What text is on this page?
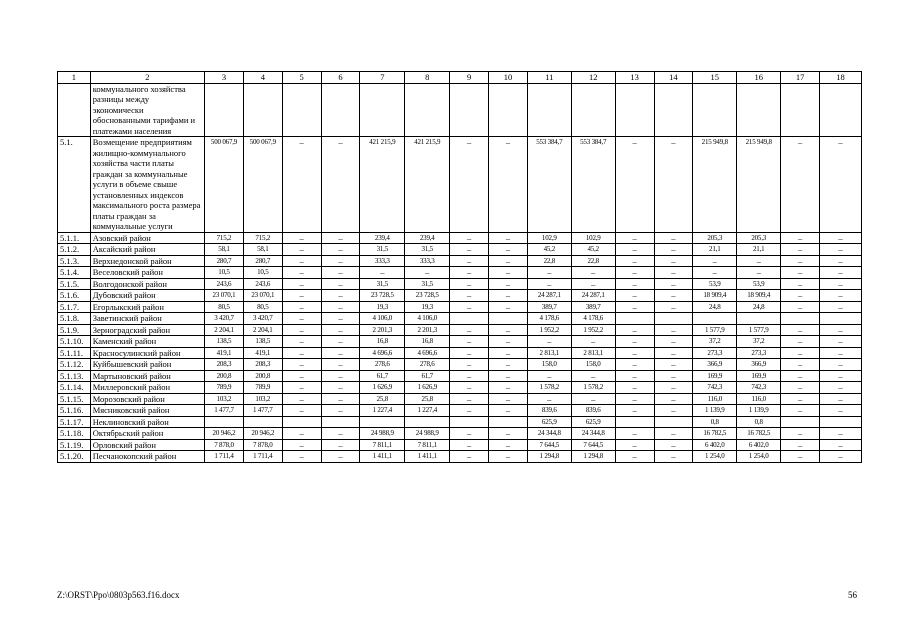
1	2	3	4	5	6	7	8	9	10	11	12	13	14	15	16	17	18
	коммунального хозяйства разницы между экономически обоснованными тарифами и платежами населения																
5.1.	Возмещение предприятиям жилищно-коммунального хозяйства части платы граждан за коммунальные услуги в объеме свыше установленных индексов максимального роста размера платы граждан за коммунальные услуги	500 067,9	500 067,9	–	–	421 215,9	421 215,9	–	–	553 384,7	553 384,7	–	–	215 949,8	215 949,8	–	–
5.1.1.	Азовский район	715,2	715,2	–	–	239,4	239,4	–	–	102,9	102,9	–	–	205,3	205,3	–	–
5.1.2.	Аксайский район	58,1	58,1	–	–	31,5	31,5	–	–	45,2	45,2	–	–	21,1	21,1	–	–
5.1.3.	Верхнедонской район	280,7	280,7	–	–	333,3	333,3	–	–	22,8	22,8	–	–	–	–	–	–
5.1.4.	Веселовский район	10,5	10,5	–	–	–	–	–	–	–	–	–	–	–	–	–	–
5.1.5.	Волгодонской район	243,6	243,6	–	–	31,5	31,5	–	–	–	–	–	–	53,9	53,9	–	–
5.1.6.	Дубовский район	23 070,1	23 070,1	–	–	23 728,5	23 728,5	–	–	24 287,1	24 287,1	–	–	18 909,4	18 909,4	–	–
5.1.7.	Егорлыкский район	80,5	80,5	–	–	19,3	19,3	–	–	389,7	389,7	–	–	24,8	24,8	–	–
5.1.8.	Заветинский район	3 420,7	3 420,7	–	–	4 106,0	4 106,0			4 178,6	4 178,6						
5.1.9.	Зерноградский район	2 204,1	2 204,1	–	–	2 201,3	2 201,3	–	–	1 952,2	1 952,2	–	–	1 577,9	1 577,9	–	–
5.1.10.	Каменский район	138,5	138,5	–	–	16,8	16,8	–	–	–	–	–	–	37,2	37,2	–	–
5.1.11.	Красносулинский район	419,1	419,1	–	–	4 696,6	4 696,6	–	–	2 813,1	2 813,1	–	–	273,3	273,3	–	–
5.1.12.	Куйбышевский район	208,3	208,3	–	–	278,6	278,6	–	–	158,0	158,0	–	–	366,9	366,9	–	–
5.1.13.	Мартыновский район	200,8	200,8	–	–	61,7	61,7	–	–	–	–	–	–	169,9	169,9	–	–
5.1.14.	Миллеровский район	789,9	789,9	–	–	1 626,9	1 626,9	–	–	1 578,2	1 578,2	–	–	742,3	742,3	–	–
5.1.15.	Морозовский район	103,2	103,2	–	–	25,8	25,8	–	–	–	–	–	–	116,0	116,0	–	–
5.1.16.	Мясниковский район	1 477,7	1 477,7	–	–	1 227,4	1 227,4	–	–	839,6	839,6	–	–	1 139,9	1 139,9	–	–
5.1.17.	Неклиновский район									625,9	625,9			0,8	0,8		
5.1.18.	Октябрьский район	20 946,2	20 946,2	–	–	24 988,9	24 988,9	–	–	24 344,8	24 344,8	–	–	16 782,5	16 782,5	–	–
5.1.19.	Орловский район	7 878,0	7 878,0	–	–	7 811,1	7 811,1	–	–	7 644,5	7 644,5	–	–	6 402,0	6 402,0	–	–
5.1.20.	Песчанокопский район	1 711,4	1 711,4	–	–	1 411,1	1 411,1	–	–	1 294,8	1 294,8	–	–	1 254,0	1 254,0	–	–
Z:\ORST\Ppo\0803p563.f16.docx	56
